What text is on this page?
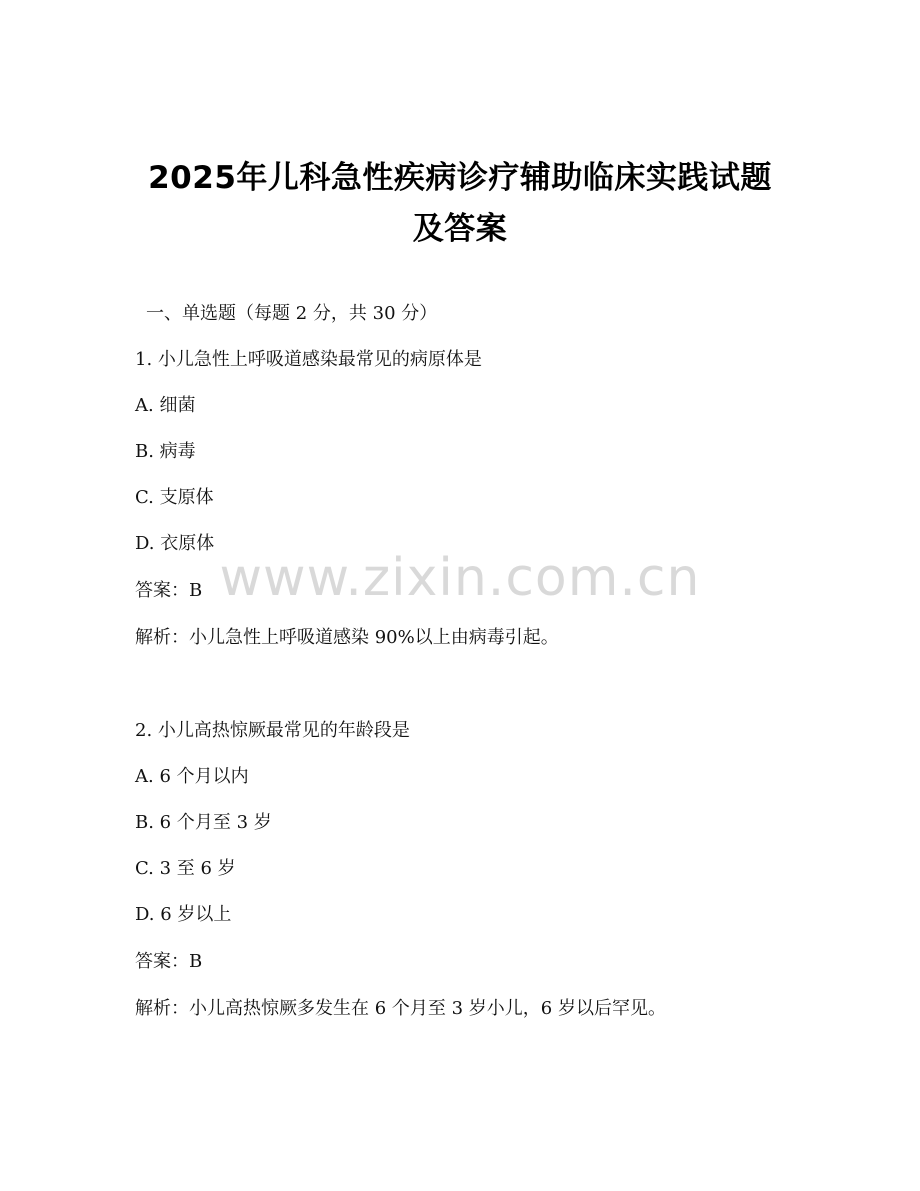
2025年儿科急性疾病诊疗辅助临床实践试题
及答案
一、单选题（每题 2 分，共 30 分）
1. 小儿急性上呼吸道感染最常见的病原体是
A. 细菌
B. 病毒
C. 支原体
D. 衣原体
答案：B
解析：小儿急性上呼吸道感染 90%以上由病毒引起。
2. 小儿高热惊厥最常见的年龄段是
A. 6 个月以内
B. 6 个月至 3 岁
C. 3 至 6 岁
D. 6 岁以上
答案：B
解析：小儿高热惊厥多发生在 6 个月至 3 岁小儿，6 岁以后罕见。
www.zixin.com.cn
